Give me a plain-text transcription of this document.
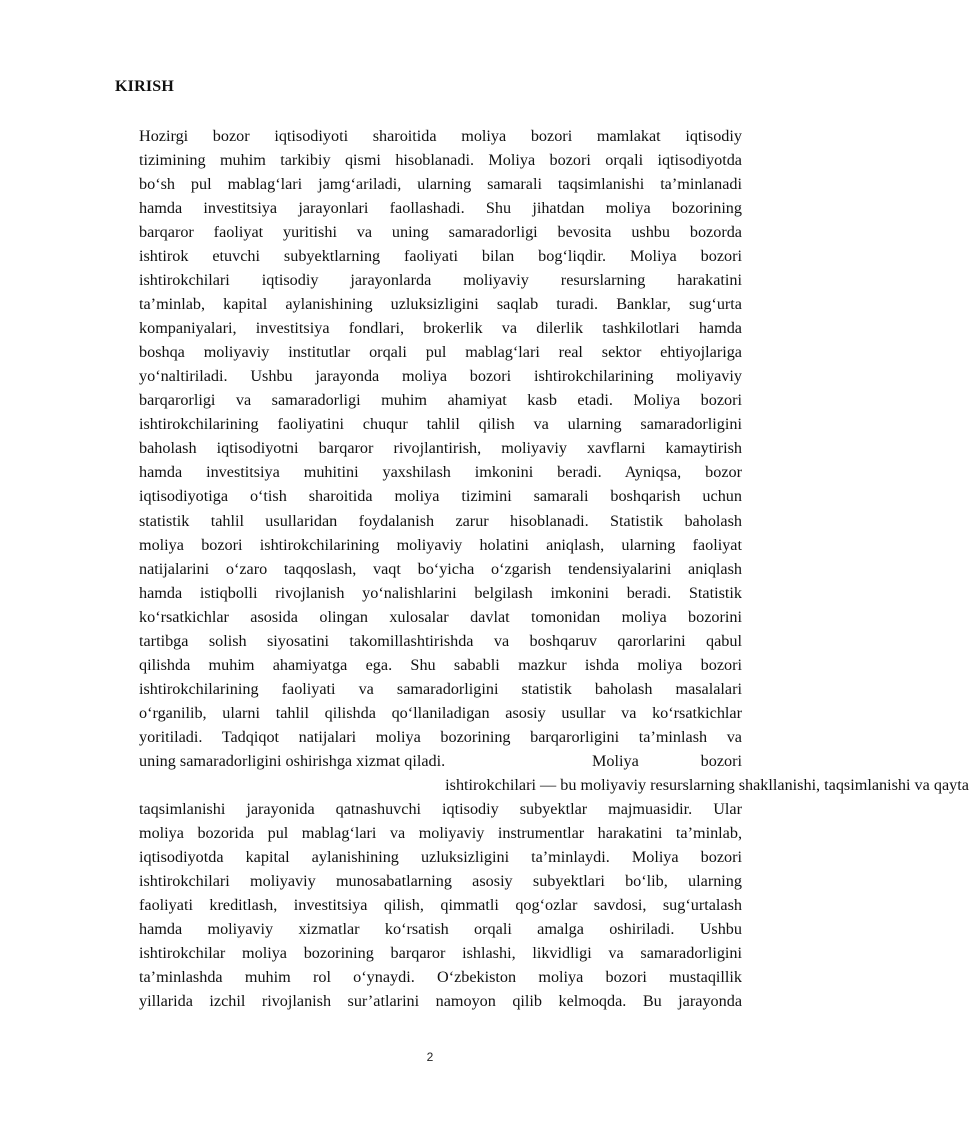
KIRISH
Hozirgi bozor iqtisodiyoti sharoitida moliya bozori mamlakat iqtisodiy
tizimining muhim tarkibiy qismi hisoblanadi. Moliya bozori orqali iqtisodiyotda
bo‘sh pul mablag‘lari jamg‘ariladi, ularning samarali taqsimlanishi ta’minlanadi
hamda investitsiya jarayonlari faollashadi. Shu jihatdan moliya bozorining
barqaror faoliyat yuritishi va uning samaradorligi bevosita ushbu bozorda
ishtirok etuvchi subyektlarning faoliyati bilan bog‘liqdir. Moliya bozori
ishtirokchilari iqtisodiy jarayonlarda moliyaviy resurslarning harakatini
ta’minlab, kapital aylanishining uzluksizligini saqlab turadi. Banklar, sug‘urta
kompaniyalari, investitsiya fondlari, brokerlik va dilerlik tashkilotlari hamda
boshqa moliyaviy institutlar orqali pul mablag‘lari real sektor ehtiyojlariga
yo‘naltiriladi. Ushbu jarayonda moliya bozori ishtirokchilarining moliyaviy
barqarorligi va samaradorligi muhim ahamiyat kasb etadi. Moliya bozori
ishtirokchilarining faoliyatini chuqur tahlil qilish va ularning samaradorligini
baholash iqtisodiyotni barqaror rivojlantirish, moliyaviy xavflarni kamaytirish
hamda investitsiya muhitini yaxshilash imkonini beradi. Ayniqsa, bozor
iqtisodiyotiga o‘tish sharoitida moliya tizimini samarali boshqarish uchun
statistik tahlil usullaridan foydalanish zarur hisoblanadi. Statistik baholash
moliya bozori ishtirokchilarining moliyaviy holatini aniqlash, ularning faoliyat
natijalarini o‘zaro taqqoslash, vaqt bo‘yicha o‘zgarish tendensiyalarini aniqlash
hamda istiqbolli rivojlanish yo‘nalishlarini belgilash imkonini beradi. Statistik
ko‘rsatkichlar asosida olingan xulosalar davlat tomonidan moliya bozorini
tartibga solish siyosatini takomillashtirishda va boshqaruv qarorlarini qabul
qilishda muhim ahamiyatga ega. Shu sababli mazkur ishda moliya bozori
ishtirokchilarining faoliyati va samaradorligini statistik baholash masalalari
o‘rganilib, ularni tahlil qilishda qo‘llaniladigan asosiy usullar va ko‘rsatkichlar
yoritiladi. Tadqiqot natijalari moliya bozorining barqarorligini ta’minlash va
uning samaradorligini oshirishga xizmat qiladi.	Moliya bozori
ishtirokchilari — bu moliyaviy resurslarning shakllanishi, taqsimlanishi va qayta
taqsimlanishi jarayonida qatnashuvchi iqtisodiy subyektlar majmuasidir. Ular
moliya bozorida pul mablag‘lari va moliyaviy instrumentlar harakatini ta’minlab,
iqtisodiyotda kapital aylanishining uzluksizligini ta’minlaydi. Moliya bozori
ishtirokchilari moliyaviy munosabatlarning asosiy subyektlari bo‘lib, ularning
faoliyati kreditlash, investitsiya qilish, qimmatli qog‘ozlar savdosi, sug‘urtalash
hamda moliyaviy xizmatlar ko‘rsatish orqali amalga oshiriladi. Ushbu
ishtirokchilar moliya bozorining barqaror ishlashi, likvidligi va samaradorligini
ta’minlashda muhim rol o‘ynaydi. O‘zbekiston moliya bozori mustaqillik
yillarida izchil rivojlanish sur’atlarini namoyon qilib kelmoqda. Bu jarayonda
2
